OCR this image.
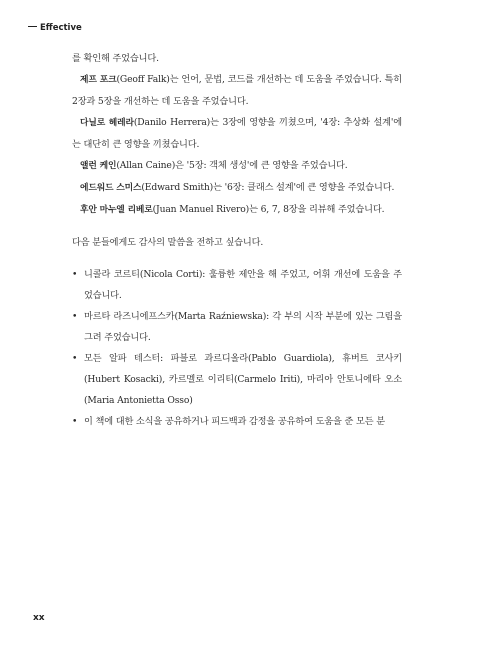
Effective

를 확인해 주었습니다.

제프 포크(Geoff Falk)는 언어, 문법, 코드를 개선하는 데 도움을 주었습니다. 특히 2장과 5장을 개선하는 데 도움을 주었습니다.

다닐로 헤레라(Danilo Herrera)는 3장에 영향을 끼쳤으며, '4장: 추상화 설계'에는 대단히 큰 영향을 끼쳤습니다.

앨런 케인(Allan Caine)은 '5장: 객체 생성'에 큰 영향을 주었습니다.

에드워드 스미스(Edward Smith)는 '6장: 클래스 설계'에 큰 영향을 주었습니다.

후안 마누엘 리베로(Juan Manuel Rivero)는 6, 7, 8장을 리뷰해 주었습니다.

다음 분들에게도 감사의 말씀을 전하고 싶습니다.

• 니콜라 코르티(Nicola Corti): 훌륭한 제안을 해 주었고, 어휘 개선에 도움을 주었습니다.
• 마르타 라즈니에프스카(Marta Raźniewska): 각 부의 시작 부분에 있는 그림을 그려 주었습니다.
• 모든 알파 테스터: 파블로 과르디올라(Pablo Guardiola), 휴버트 코사키(Hubert Kosacki), 카르멜로 이리티(Carmelo Iriti), 마리아 안토니에타 오소(Maria Antonietta Osso)
• 이 책에 대한 소식을 공유하거나 피드백과 감정을 공유하여 도움을 준 모든 분
xx
